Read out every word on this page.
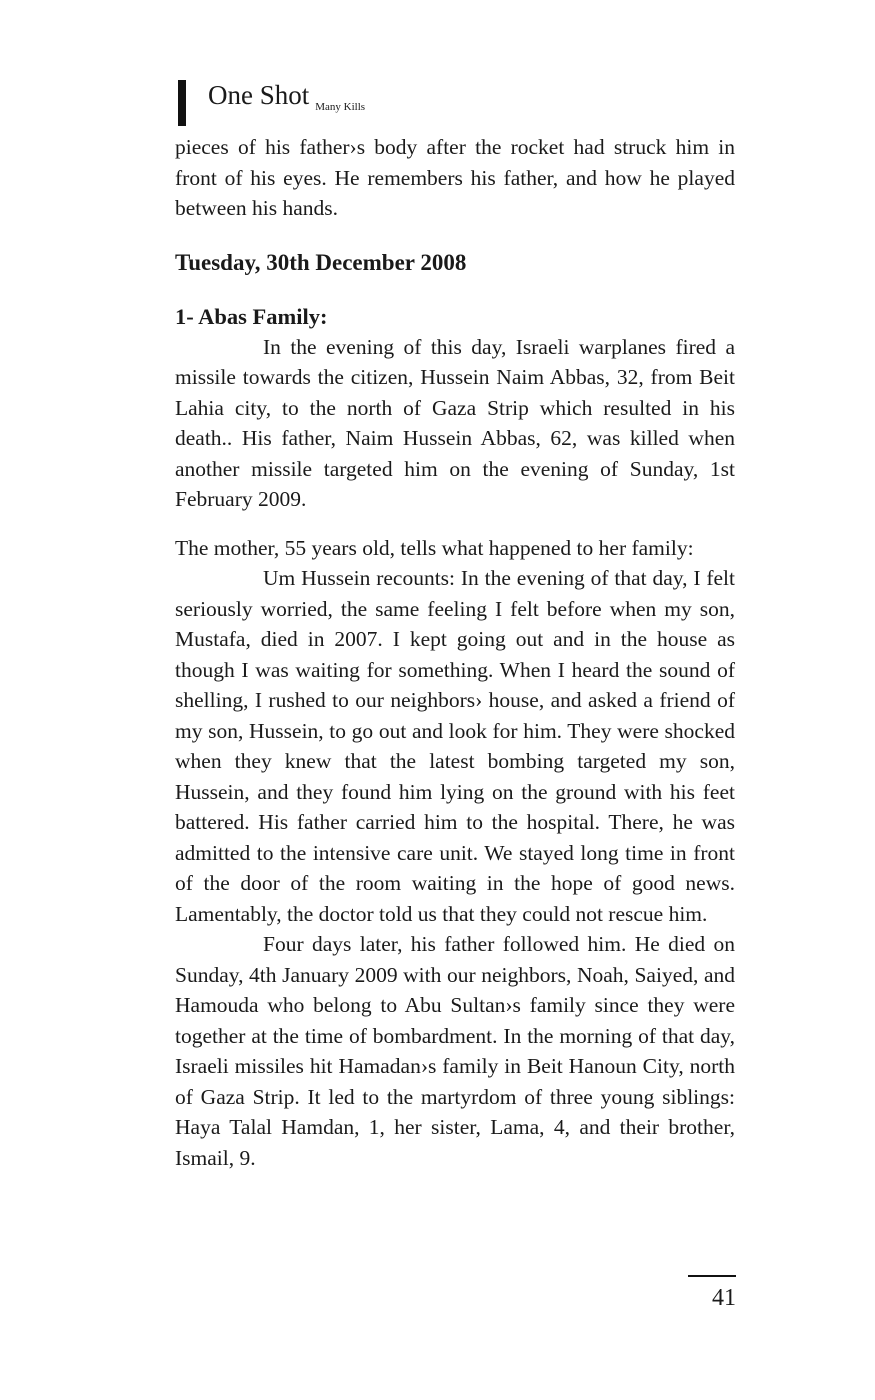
One Shot Many Kills

pieces of his father›s body after the rocket had struck him in front of his eyes. He remembers his father, and how he played between his hands.

Tuesday, 30th December 2008

1- Abas Family:

In the evening of this day, Israeli warplanes fired a missile towards the citizen, Hussein Naim Abbas, 32, from Beit Lahia city, to the north of Gaza Strip which resulted in his death.. His father, Naim Hussein Abbas, 62, was killed when another missile targeted him on the evening of Sunday, 1st February 2009.

The mother, 55 years old, tells what happened to her family:

Um Hussein recounts: In the evening of that day, I felt seriously worried, the same feeling I felt before when my son, Mustafa, died in 2007. I kept going out and in the house as though I was waiting for something. When I heard the sound of shelling, I rushed to our neighbors› house, and asked a friend of my son, Hussein, to go out and look for him. They were shocked when they knew that the latest bombing targeted my son, Hussein, and they found him lying on the ground with his feet battered. His father carried him to the hospital. There, he was admitted to the intensive care unit. We stayed long time in front of the door of the room waiting in the hope of good news. Lamentably, the doctor told us that they could not rescue him.

Four days later, his father followed him. He died on Sunday, 4th January 2009 with our neighbors, Noah, Saiyed, and Hamouda who belong to Abu Sultan›s family since they were together at the time of bombardment. In the morning of that day, Israeli missiles hit Hamadan›s family in Beit Hanoun City, north of Gaza Strip. It led to the martyrdom of three young siblings: Haya Talal Hamdan, 1, her sister, Lama, 4, and their brother, Ismail, 9.

41
